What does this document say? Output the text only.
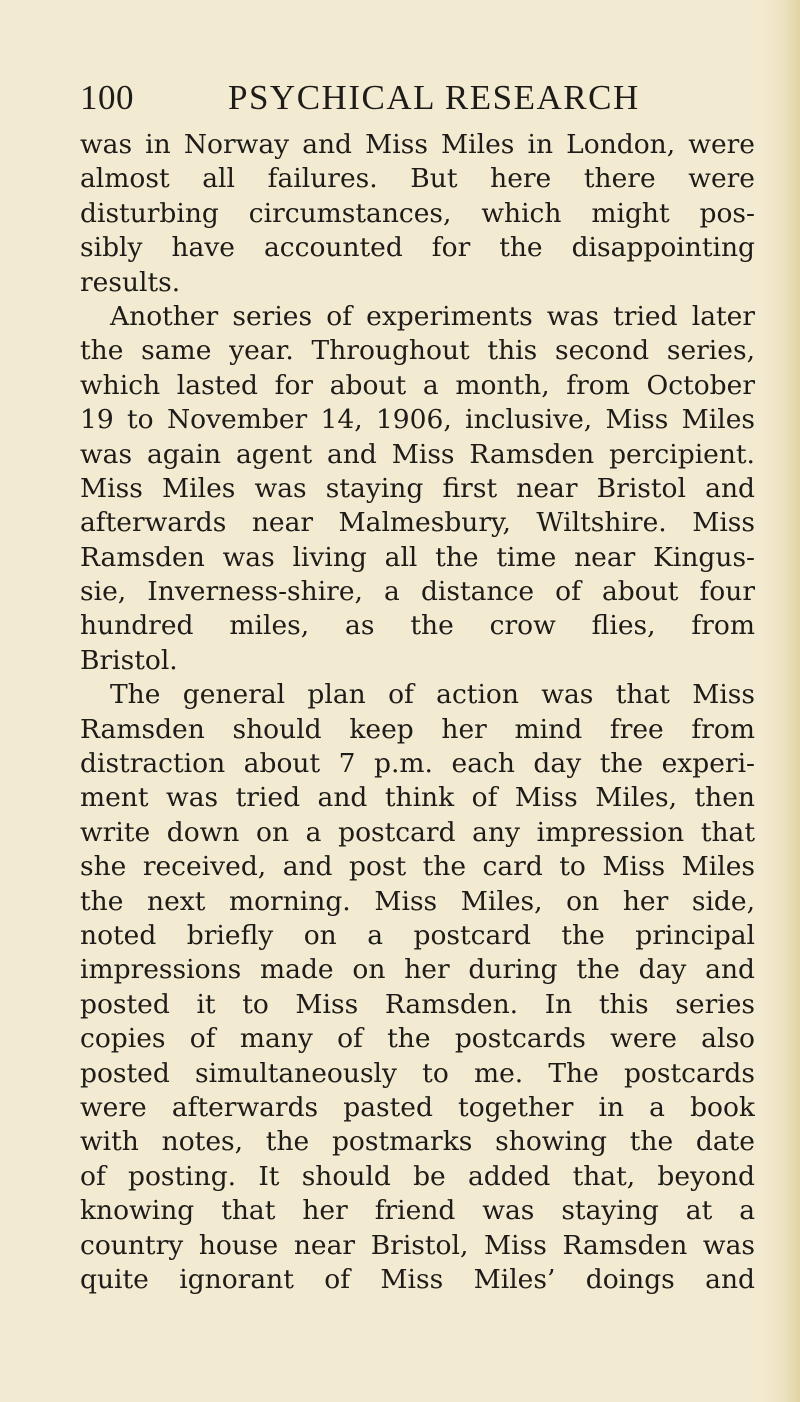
100	PSYCHICAL RESEARCH
was in Norway and Miss Miles in London, were
almost all failures. But here there were
disturbing circumstances, which might pos-
sibly have accounted for the disappointing
results.
Another series of experiments was tried later
the same year. Throughout this second series,
which lasted for about a month, from October
19 to November 14, 1906, inclusive, Miss Miles
was again agent and Miss Ramsden percipient.
Miss Miles was staying first near Bristol and
afterwards near Malmesbury, Wiltshire. Miss
Ramsden was living all the time near Kingus-
sie, Inverness-shire, a distance of about four
hundred miles, as the crow flies, from
Bristol.
The general plan of action was that Miss
Ramsden should keep her mind free from
distraction about 7 p.m. each day the experi-
ment was tried and think of Miss Miles, then
write down on a postcard any impression that
she received, and post the card to Miss Miles
the next morning. Miss Miles, on her side,
noted briefly on a postcard the principal
impressions made on her during the day and
posted it to Miss Ramsden. In this series
copies of many of the postcards were also
posted simultaneously to me. The postcards
were afterwards pasted together in a book
with notes, the postmarks showing the date
of posting. It should be added that, beyond
knowing that her friend was staying at a
country house near Bristol, Miss Ramsden was
quite ignorant of Miss Miles’ doings and
